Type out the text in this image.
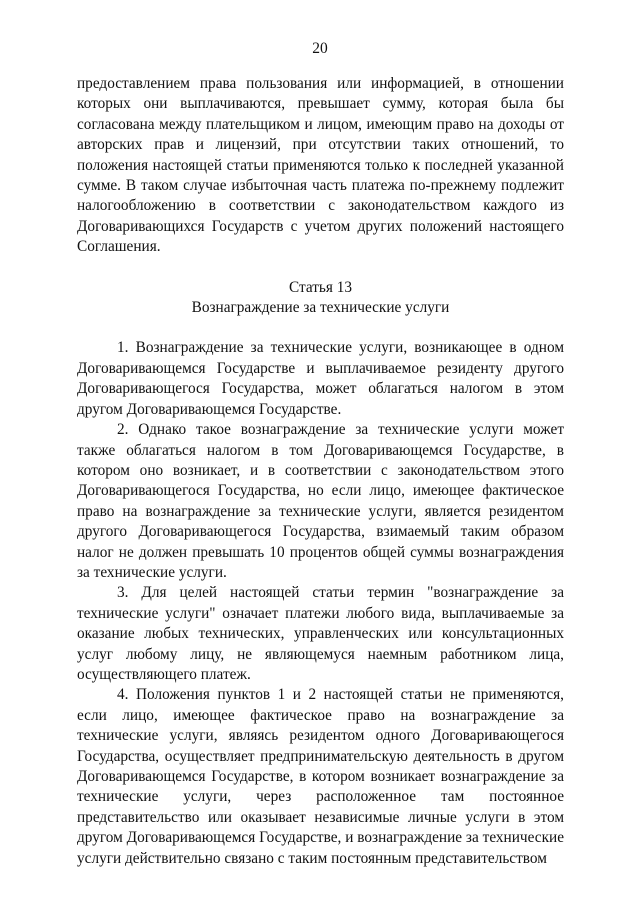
20

предоставлением права пользования или информацией, в отношении которых они выплачиваются, превышает сумму, которая была бы согласована между плательщиком и лицом, имеющим право на доходы от авторских прав и лицензий, при отсутствии таких отношений, то положения настоящей статьи применяются только к последней указанной сумме. В таком случае избыточная часть платежа по-прежнему подлежит налогообложению в соответствии с законодательством каждого из Договаривающихся Государств с учетом других положений настоящего Соглашения.

Статья 13

Вознаграждение за технические услуги

1. Вознаграждение за технические услуги, возникающее в одном Договаривающемся Государстве и выплачиваемое резиденту другого Договаривающегося Государства, может облагаться налогом в этом другом Договаривающемся Государстве.

2. Однако такое вознаграждение за технические услуги может также облагаться налогом в том Договаривающемся Государстве, в котором оно возникает, и в соответствии с законодательством этого Договаривающегося Государства, но если лицо, имеющее фактическое право на вознаграждение за технические услуги, является резидентом другого Договаривающегося Государства, взимаемый таким образом налог не должен превышать 10 процентов общей суммы вознаграждения за технические услуги.

3. Для целей настоящей статьи термин "вознаграждение за технические услуги" означает платежи любого вида, выплачиваемые за оказание любых технических, управленческих или консультационных услуг любому лицу, не являющемуся наемным работником лица, осуществляющего платеж.

4. Положения пунктов 1 и 2 настоящей статьи не применяются, если лицо, имеющее фактическое право на вознаграждение за технические услуги, являясь резидентом одного Договаривающегося Государства, осуществляет предпринимательскую деятельность в другом Договаривающемся Государстве, в котором возникает вознаграждение за технические услуги, через расположенное там постоянное представительство или оказывает независимые личные услуги в этом другом Договаривающемся Государстве, и вознаграждение за технические услуги действительно связано с таким постоянным представительством
